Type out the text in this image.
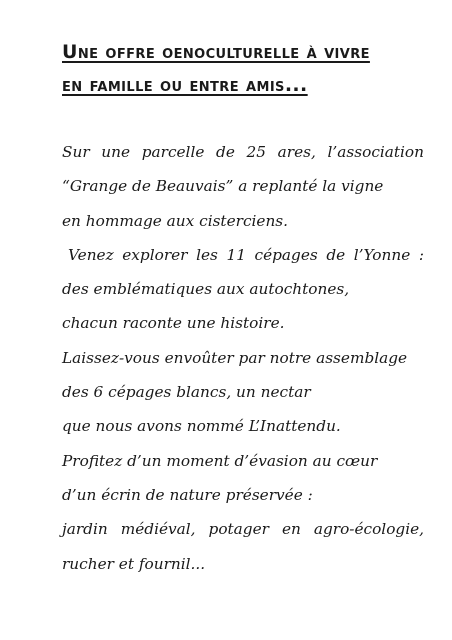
Une offre oenoculturelle à vivre
en famille ou entre amis...
Sur une parcelle de 25 ares, l’association
“Grange de Beauvais” a replanté la vigne
en hommage aux cisterciens.
Venez explorer les 11 cépages de l’Yonne :
des emblématiques aux autochtones,
chacun raconte une histoire.
Laissez-vous envoûter par notre assemblage
des 6 cépages blancs, un nectar
que nous avons nommé L’Inattendu.
Profitez d’un moment d’évasion au cœur
d’un écrin de nature préservée :
jardin médiéval, potager en agro-écologie,
rucher et fournil...
